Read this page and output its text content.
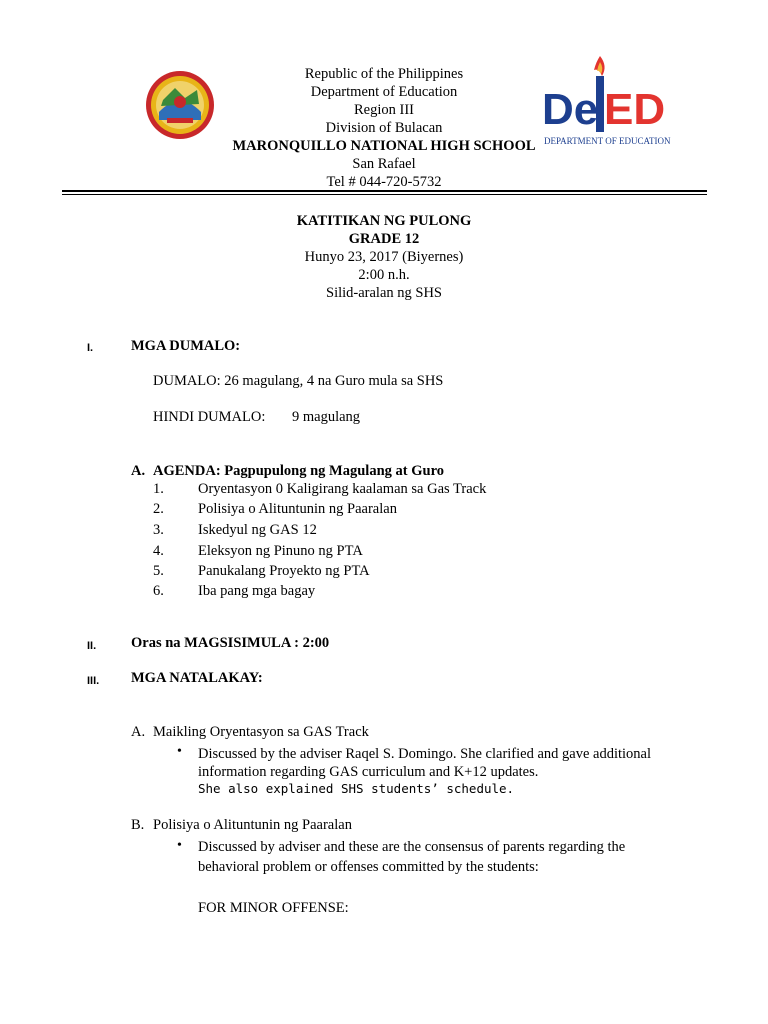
Republic of the Philippines
Department of Education
Region III
Division of Bulacan
MARONQUILLO NATIONAL HIGH SCHOOL
San Rafael
Tel # 044-720-5732
De ED
DEPARTMENT OF EDUCATION
KATITIKAN NG PULONG
GRADE 12
Hunyo 23, 2017 (Biyernes)
2:00 n.h.
Silid-aralan ng SHS
I.	MGA DUMALO:
DUMALO: 26 magulang, 4 na Guro mula sa SHS
HINDI DUMALO: 9 magulang
A. AGENDA: Pagpupulong ng Magulang at Guro
1. Oryentasyon 0 Kaligirang kaalaman sa Gas Track
2. Polisiya o Alituntunin ng Paaralan
3. Iskedyul ng GAS 12
4. Eleksyon ng Pinuno ng PTA
5. Panukalang Proyekto ng PTA
6. Iba pang mga bagay
II. Oras na MAGSISIMULA : 2:00
III. MGA NATALAKAY:
A. Maikling Oryentasyon sa GAS Track
• Discussed by the adviser Raqel S. Domingo. She clarified and gave additional
information regarding GAS curriculum and K+12 updates.
She also explained SHS students’ schedule.
B. Polisiya o Alituntunin ng Paaralan
• Discussed by adviser and these are the consensus of parents regarding the
behavioral problem or offenses committed by the students:
FOR MINOR OFFENSE:
